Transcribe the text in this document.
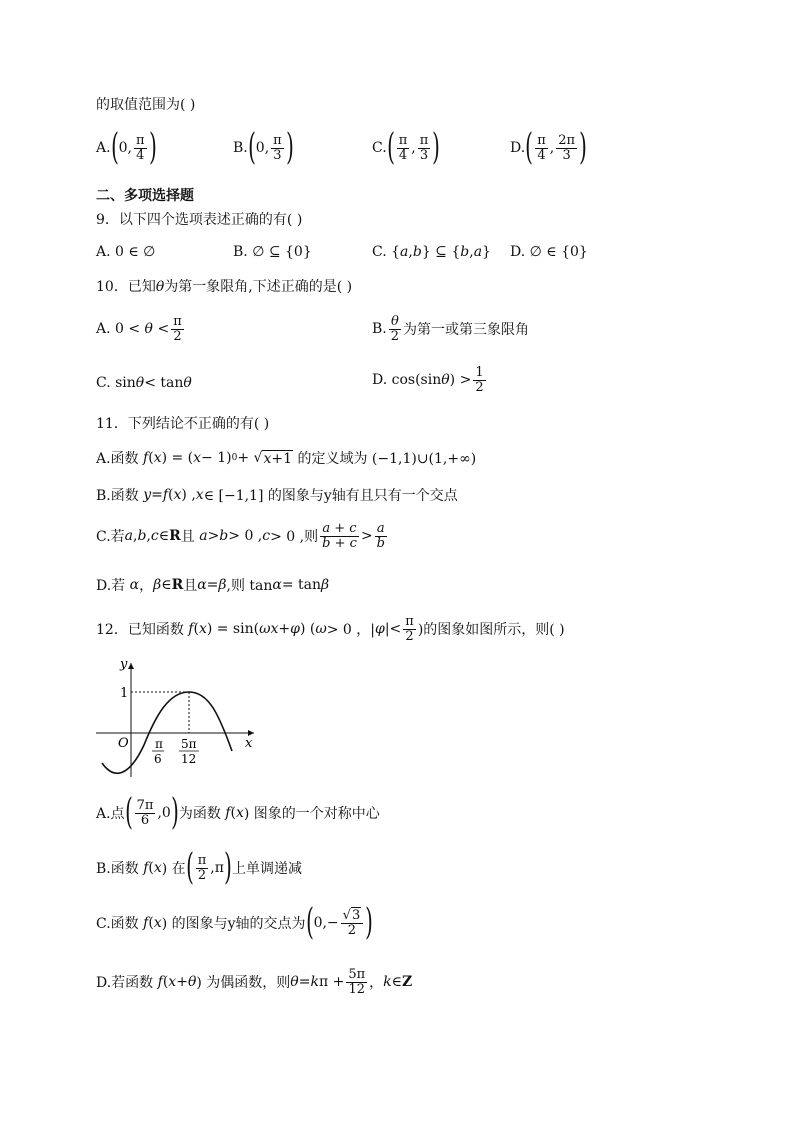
的取值范围为( )
A. ( 0, $\frac{\pi}{4}$ )	B. ( 0, $\frac{\pi}{3}$ )	C. ( $\frac{\pi}{4}$ , $\frac{\pi}{3}$ )	D. ( $\frac{\pi}{4}$ , $\frac{2\pi}{3}$ )
二、多项选择题
9．以下四个选项表述正确的有( )
A. 0 ∈ ∅	B. ∅ ⊆ {0}	C. { a , b } ⊆ { b , a } D. ∅ ∈ {0}
10．已知θ为第一象限角,下述正确的是( )
A. $0 < \theta < \frac{\pi}{2}$	B. $\frac{\theta}{2}$ 为第一或第三象限角
C. sin θ < tan θ	D. cos(sin θ ) > $\frac{1}{2}$
11．下列结论不正确的有( )
A.函数 f ( x ) = ( x − 1) 0 + √ x+1 的定义域为 (−1,1)∪(1,+∞)
B.函数 y = f ( x ) , x ∈ [−1,1] 的图象与y轴有且只有一个交点
C.若 a , b , c ∈ R 且 a > b > 0 , c > 0 ,则 $\frac{a + c}{b + c} > \frac{a}{b}$
D.若 α ， β ∈ R 且 α = β ,则 tan α = tan β
12．已知函数 f ( x ) = sin( ωx + φ ) ( ω > 0 ，| φ |< $\frac{\pi}{2}$ )的图象如图所示，则( )
y
x
O
1
π
6
5π
12
A.点 ( $\frac{7\pi}{6} ,0$ ) 为函数 f ( x ) 图象的一个对称中心
B.函数 f ( x ) 在 ( $\frac{\pi}{2} ,\pi$ ) 上单调递减
C.函数 f ( x ) 的图象与y轴的交点为 ( $0,- \frac{√3}{2}$ )
D.若函数 f ( x + θ ) 为偶函数，则 θ = k $\pi + \frac{5\pi}{12}$ ， k ∈ Z
